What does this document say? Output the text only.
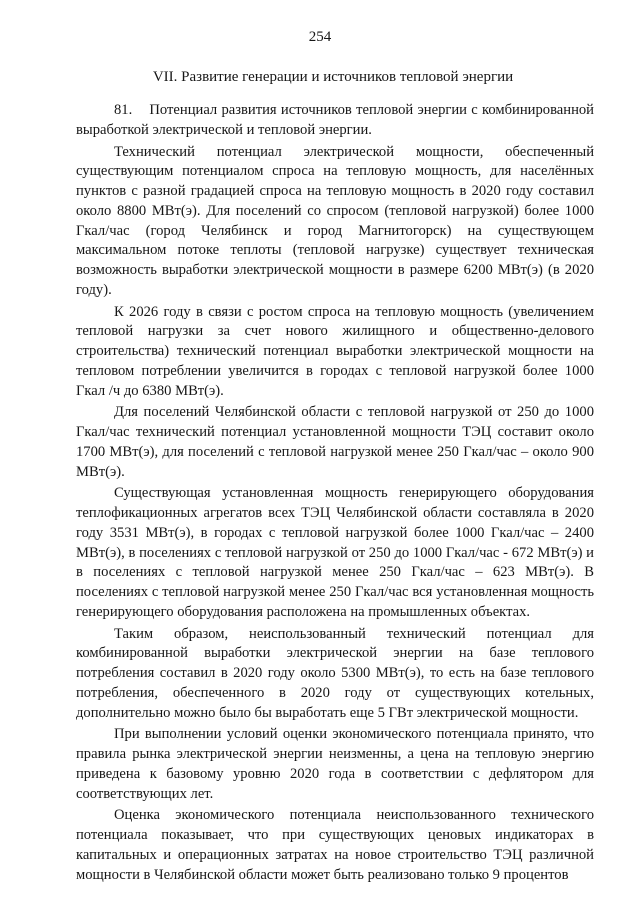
254
VII. Развитие генерации и источников тепловой энергии

81.    Потенциал развития источников тепловой энергии с комбинированной выработкой электрической и тепловой энергии.

Технический потенциал электрической мощности, обеспеченный существующим потенциалом спроса на тепловую мощность, для населённых пунктов с разной градацией спроса на тепловую мощность в 2020 году составил около 8800 МВт(э). Для поселений со спросом (тепловой нагрузкой) более 1000 Гкал/час (город Челябинск и город Магнитогорск) на существующем максимальном потоке теплоты (тепловой нагрузке) существует техническая возможность выработки электрической мощности в размере 6200 МВт(э) (в 2020 году).

К 2026 году в связи с ростом спроса на тепловую мощность (увеличением тепловой нагрузки за счет нового жилищного и общественно-делового строительства) технический потенциал выработки электрической мощности на тепловом потреблении увеличится в городах с тепловой нагрузкой более 1000 Гкал /ч до 6380 МВт(э).

Для поселений Челябинской области с тепловой нагрузкой от 250 до 1000 Гкал/час технический потенциал установленной мощности ТЭЦ составит около 1700 МВт(э), для поселений с тепловой нагрузкой менее 250 Гкал/час – около 900 МВт(э).

Существующая установленная мощность генерирующего оборудования теплофикационных агрегатов всех ТЭЦ Челябинской области составляла в 2020 году 3531 МВт(э), в городах с тепловой нагрузкой более 1000 Гкал/час – 2400 МВт(э), в поселениях с тепловой нагрузкой от 250 до 1000 Гкал/час - 672 МВт(э) и в поселениях с тепловой нагрузкой менее 250 Гкал/час – 623 МВт(э). В поселениях с тепловой нагрузкой менее 250 Гкал/час вся установленная мощность генерирующего оборудования расположена на промышленных объектах.

Таким образом, неиспользованный технический потенциал для комбинированной выработки электрической энергии на базе теплового потребления составил в 2020 году около 5300 МВт(э), то есть на базе теплового потребления, обеспеченного в 2020 году от существующих котельных, дополнительно можно было бы выработать еще 5 ГВт электрической мощности.

При выполнении условий оценки экономического потенциала принято, что правила рынка электрической энергии неизменны, а цена на тепловую энергию приведена к базовому уровню 2020 года в соответствии с дефлятором для соответствующих лет.

Оценка экономического потенциала неиспользованного технического потенциала показывает, что при существующих ценовых индикаторах в капитальных и операционных затратах на новое строительство ТЭЦ различной мощности в Челябинской области может быть реализовано только 9 процентов
